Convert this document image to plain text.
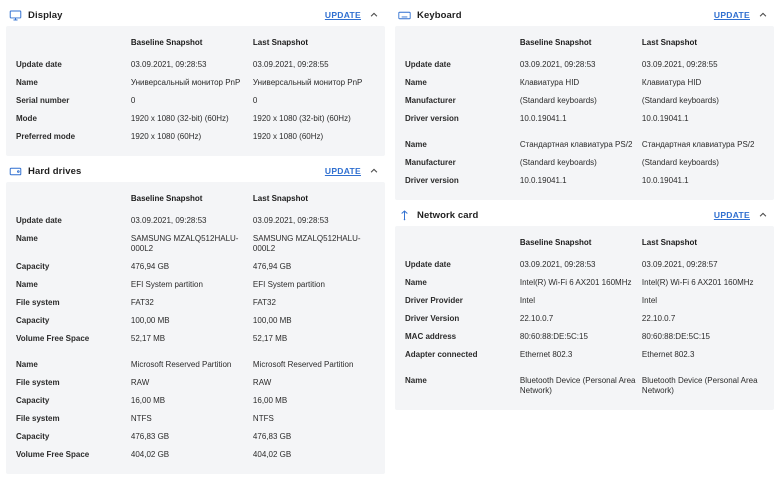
Display	UPDATE
	Baseline Snapshot	Last Snapshot
Update date	03.09.2021, 09:28:53	03.09.2021, 09:28:55
Name	Универсальный монитор PnP	Универсальный монитор PnP
Serial number	0	0
Mode	1920 x 1080 (32-bit) (60Hz)	1920 x 1080 (32-bit) (60Hz)
Preferred mode	1920 x 1080 (60Hz)	1920 x 1080 (60Hz)
Hard drives	UPDATE
	Baseline Snapshot	Last Snapshot
Update date	03.09.2021, 09:28:53	03.09.2021, 09:28:53
Name	SAMSUNG MZALQ512HALU-000L2	SAMSUNG MZALQ512HALU-000L2
Capacity	476,94 GB	476,94 GB
Name	EFI System partition	EFI System partition
File system	FAT32	FAT32
Capacity	100,00 MB	100,00 MB
Volume Free Space	52,17 MB	52,17 MB

Name	Microsoft Reserved Partition	Microsoft Reserved Partition
File system	RAW	RAW
Capacity	16,00 MB	16,00 MB
File system	NTFS	NTFS
Capacity	476,83 GB	476,83 GB
Volume Free Space	404,02 GB	404,02 GB
Keyboard	UPDATE
	Baseline Snapshot	Last Snapshot
Update date	03.09.2021, 09:28:53	03.09.2021, 09:28:55
Name	Клавиатура HID	Клавиатура HID
Manufacturer	(Standard keyboards)	(Standard keyboards)
Driver version	10.0.19041.1	10.0.19041.1

Name	Стандартная клавиатура PS/2	Стандартная клавиатура PS/2
Manufacturer	(Standard keyboards)	(Standard keyboards)
Driver version	10.0.19041.1	10.0.19041.1
Network card	UPDATE
	Baseline Snapshot	Last Snapshot
Update date	03.09.2021, 09:28:53	03.09.2021, 09:28:57
Name	Intel(R) Wi-Fi 6 AX201 160MHz	Intel(R) Wi-Fi 6 AX201 160MHz
Driver Provider	Intel	Intel
Driver Version	22.10.0.7	22.10.0.7
MAC address	80:60:88:DE:5C:15	80:60:88:DE:5C:15
Adapter connected	Ethernet 802.3	Ethernet 802.3

Name	Bluetooth Device (Personal Area Network)	Bluetooth Device (Personal Area Network)
